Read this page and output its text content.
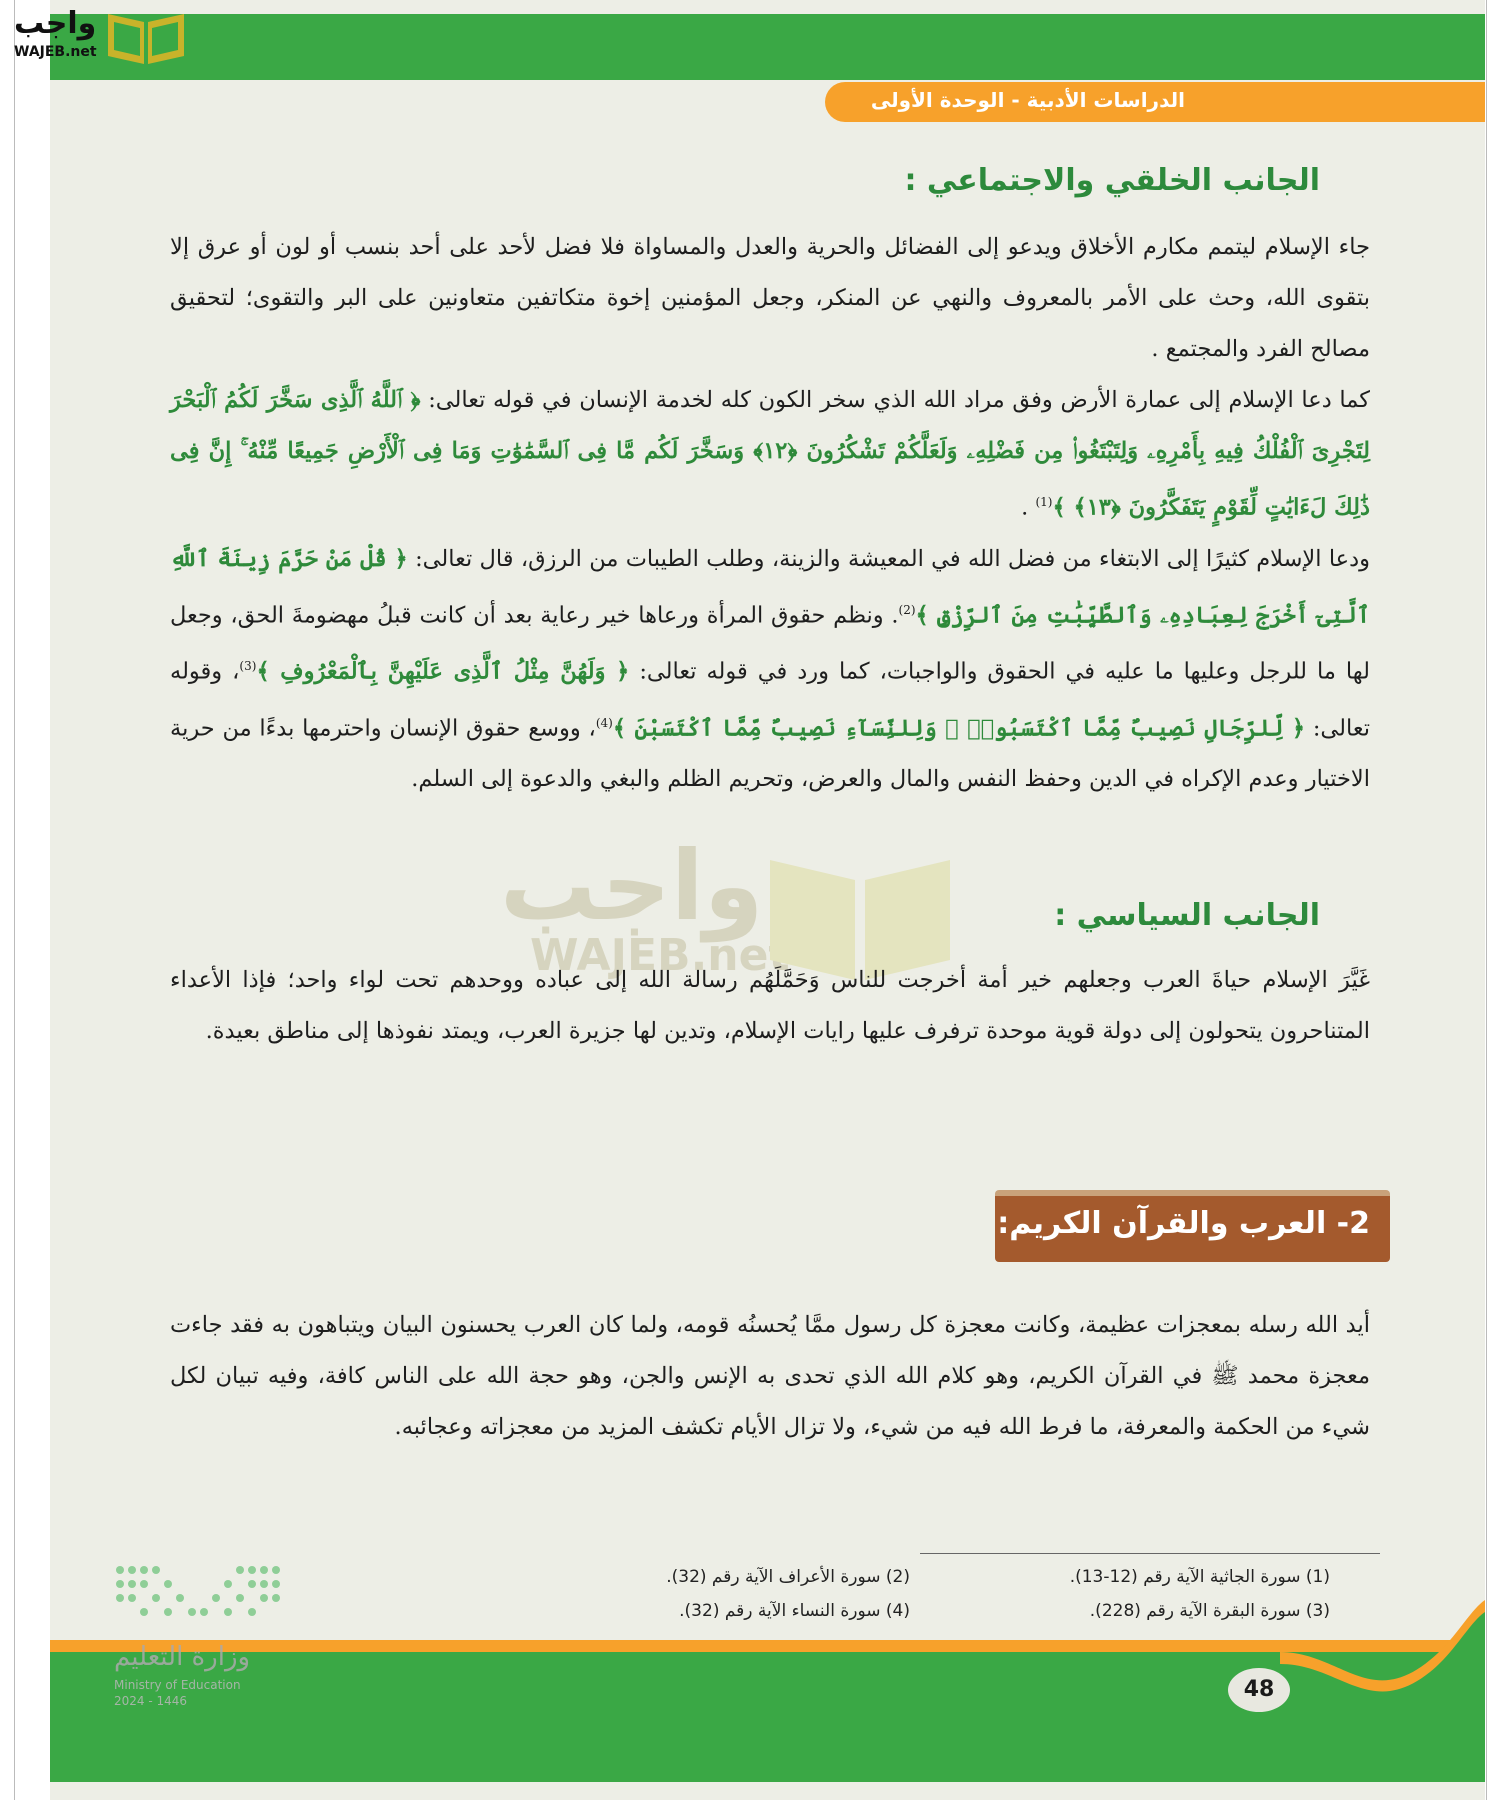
الدراسات الأدبية - الوحدة الأولى
الجانب الخلقي والاجتماعي :

جاء الإسلام ليتمم مكارم الأخلاق ويدعو إلى الفضائل والحرية والعدل والمساواة فلا فضل لأحد على أحد بنسب أو لون أو عرق إلا بتقوى الله، وحث على الأمر بالمعروف والنهي عن المنكر، وجعل المؤمنين إخوة متكاتفين متعاونين على البر والتقوى؛ لتحقيق مصالح الفرد والمجتمع .

كما دعا الإسلام إلى عمارة الأرض وفق مراد الله الذي سخر الكون كله لخدمة الإنسان في قوله تعالى: ﴿ ٱللَّهُ ٱلَّذِى سَخَّرَ لَكُمُ ٱلْبَحْرَ لِتَجْرِىَ ٱلْفُلْكُ فِيهِ بِأَمْرِهِۦ وَلِتَبْتَغُوا۟ مِن فَضْلِهِۦ وَلَعَلَّكُمْ تَشْكُرُونَ ﴿١٢﴾ وَسَخَّرَ لَكُم مَّا فِى ٱلسَّمَٰوَٰتِ وَمَا فِى ٱلْأَرْضِ جَمِيعًا مِّنْهُ ۚ إِنَّ فِى ذَٰلِكَ لَءَايَٰتٍ لِّقَوْمٍ يَتَفَكَّرُونَ ﴿١٣﴾ ﴾$^{(1)}$ .

ودعا الإسلام كثيرًا إلى الابتغاء من فضل الله في المعيشة والزينة، وطلب الطيبات من الرزق، قال تعالى: ﴿ قُلْ مَنْ حَرَّمَ زِينَةَ ٱللَّهِ ٱلَّتِىٓ أَخْرَجَ لِعِبَادِهِۦ وَٱلطَّيِّبَٰتِ مِنَ ٱلرِّزْقِ ﴾$^{(2)}$. ونظم حقوق المرأة ورعاها خير رعاية بعد أن كانت قبلُ مهضومةَ الحق، وجعل لها ما للرجل وعليها ما عليه في الحقوق والواجبات، كما ورد في قوله تعالى: ﴿ وَلَهُنَّ مِثْلُ ٱلَّذِى عَلَيْهِنَّ بِٱلْمَعْرُوفِ ﴾$^{(3)}$، وقوله تعالى: ﴿ لِّلرِّجَالِ نَصِيبٌ مِّمَّا ٱكْتَسَبُوا۟ ۖ وَلِلنِّسَآءِ نَصِيبٌ مِّمَّا ٱكْتَسَبْنَ ﴾$^{(4)}$، ووسع حقوق الإنسان واحترمها بدءًا من حرية الاختيار وعدم الإكراه في الدين وحفظ النفس والمال والعرض، وتحريم الظلم والبغي والدعوة إلى السلم.

واجب
WAJEB.net
الجانب السياسي :

غَيَّرَ الإسلام حياةَ العرب وجعلهم خير أمة أخرجت للناس وَحَمَّلَهُم رسالة الله إلى عباده ووحدهم تحت لواء واحد؛ فإذا الأعداء المتناحرون يتحولون إلى دولة قوية موحدة ترفرف عليها رايات الإسلام، وتدين لها جزيرة العرب، ويمتد نفوذها إلى مناطق بعيدة.

2- العرب والقرآن الكريم:

أيد الله رسله بمعجزات عظيمة، وكانت معجزة كل رسول ممَّا يُحسنُه قومه، ولما كان العرب يحسنون البيان ويتباهون به فقد جاءت معجزة محمد ﷺ في القرآن الكريم، وهو كلام الله الذي تحدى به الإنس والجن، وهو حجة الله على الناس كافة، وفيه تبيان لكل شيء من الحكمة والمعرفة، ما فرط الله فيه من شيء، ولا تزال الأيام تكشف المزيد من معجزاته وعجائبه.

(1) سورة الجاثية الآية رقم (12-13).
(2) سورة الأعراف الآية رقم (32).
(3) سورة البقرة الآية رقم (228).
(4) سورة النساء الآية رقم (32).
48
وزارة التعليم
Ministry of Education
2024 - 1446
واجب
WAJEB.net
